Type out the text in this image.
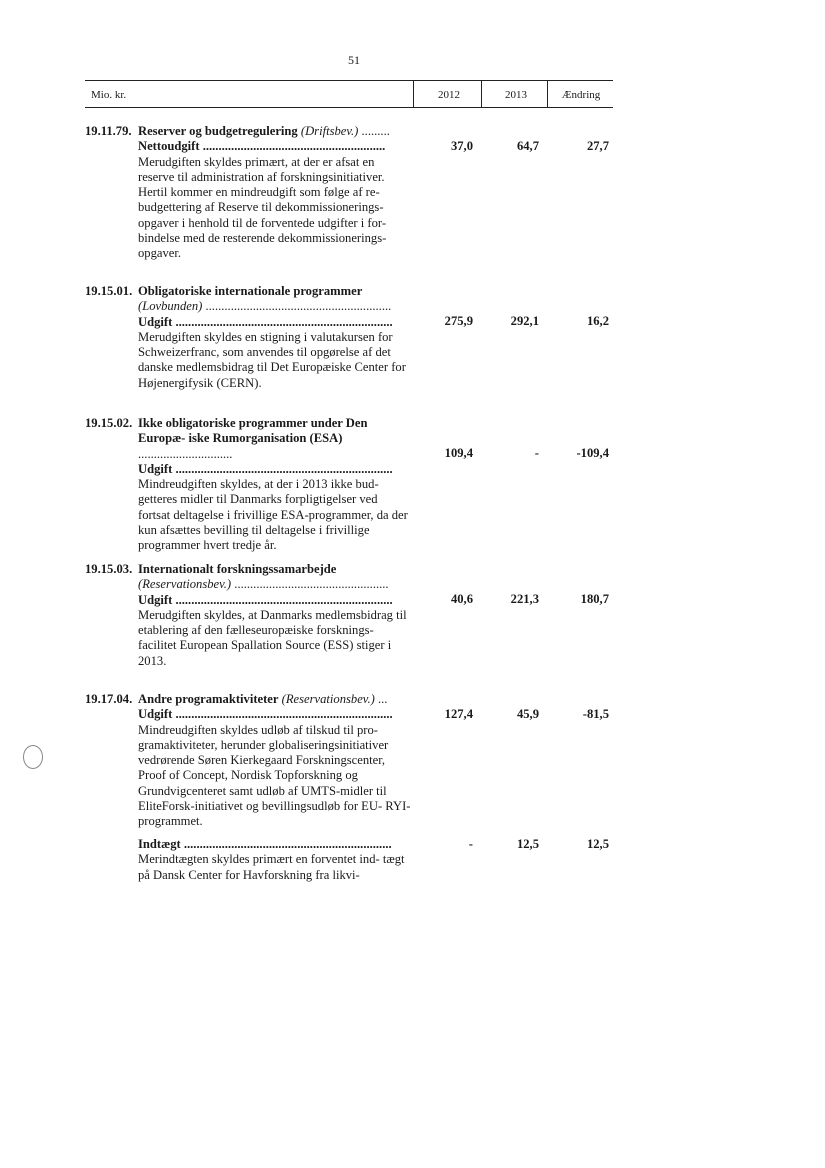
51
Mio. kr.	2012	2013	Ændring
19.11.79. Reserver og budgetregulering (Driftsbev.) .........
Nettoudgift ..........................................................
Merudgiften skyldes primært, at der er afsat en reserve til administration af forskningsinitiativer. Hertil kommer en mindreudgift som følge af re- budgettering af Reserve til dekommissionerings- opgaver i henhold til de forventede udgifter i for- bindelse med de resterende dekommissionerings- opgaver.
37,0	64,7	27,7
19.15.01. Obligatoriske internationale programmer
(Lovbunden) ...........................................................
Udgift .....................................................................
Merudgiften skyldes en stigning i valutakursen for Schweizerfranc, som anvendes til opgørelse af det danske medlemsbidrag til Det Europæiske Center for Højenergifysik (CERN).
275,9	292,1	16,2
19.15.02. Ikke obligatoriske programmer under Den Europæ- iske Rumorganisation (ESA) ..............................
Udgift .....................................................................
Mindreudgiften skyldes, at der i 2013 ikke bud- getteres midler til Danmarks forpligtigelser ved fortsat deltagelse i frivillige ESA-programmer, da der kun afsættes bevilling til deltagelse i frivillige programmer hvert tredje år.
109,4	-	-109,4
19.15.03. Internationalt forskningssamarbejde
(Reservationsbev.) .................................................
Udgift .....................................................................
Merudgiften skyldes, at Danmarks medlemsbidrag til etablering af den fælleseuropæiske forsknings- facilitet European Spallation Source (ESS) stiger i 2013.
40,6	221,3	180,7
19.17.04. Andre programaktiviteter (Reservationsbev.) ...
Udgift .....................................................................
Mindreudgiften skyldes udløb af tilskud til pro- gramaktiviteter, herunder globaliseringsinitiativer vedrørende Søren Kierkegaard Forskningscenter, Proof of Concept, Nordisk Topforskning og Grundvigcenteret samt udløb af UMTS-midler til EliteForsk-initiativet og bevillingsudløb for EU- RYI-programmet.
127,4	45,9	-81,5
Indtægt ..................................................................
Merindtægten skyldes primært en forventet ind- tægt på Dansk Center for Havforskning fra likvi-
-	12,5	12,5
